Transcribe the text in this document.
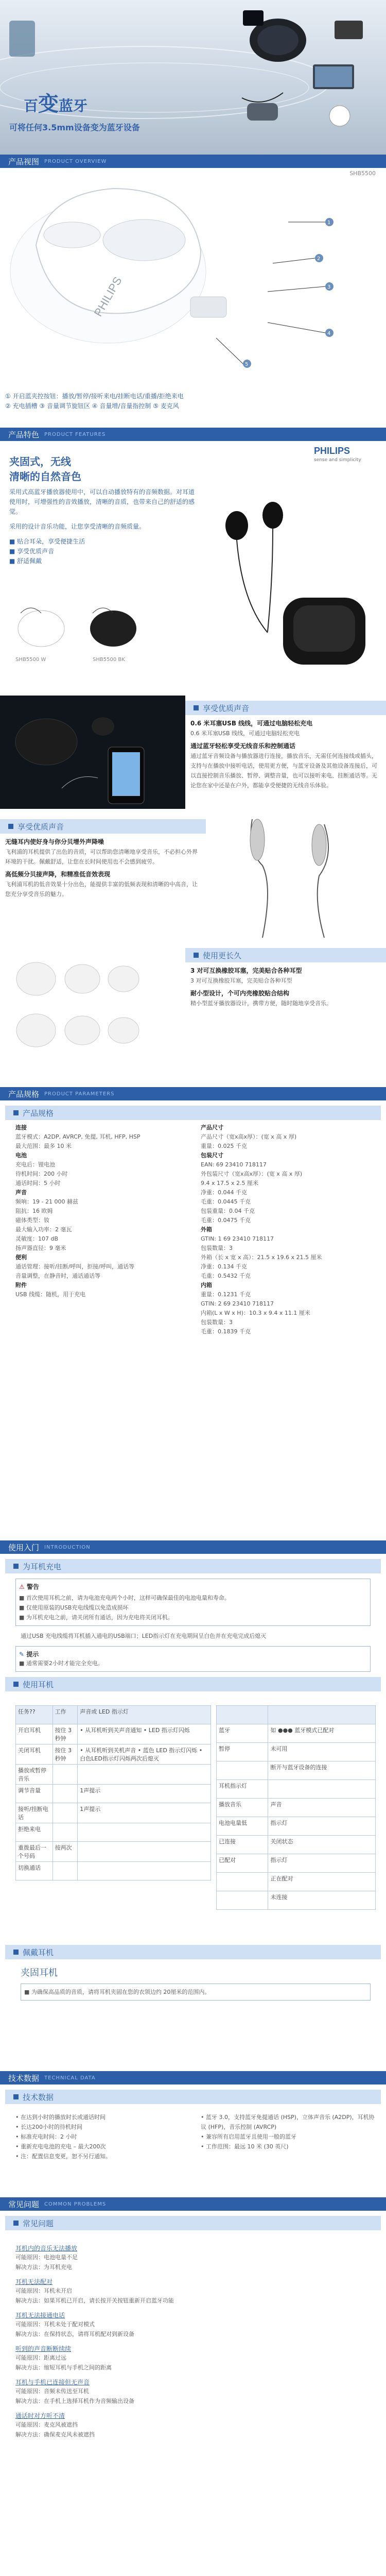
百变蓝牙
可将任何3.5mm设备变为蓝牙设备
产品视图 PRODUCT OVERVIEW
SHB5500
PHILIPS
1
2
3
4
5
① 开启蓝夹控按钮：播放/暂停/接听来电/挂断电话/重播/拒绝来电
② 充电插槽 ③ 音量调节旋钮区 ④ 音量增/音量指控制 ⑤ 麦克风
产品特色 PRODUCT FEATURES
夹固式，无线
清晰的自然音色
采用式高蓝牙播放器使用中，可以自动播放特有的音频数据。对耳道使用时，可增强性的音效播放，清晰的音质，也带来自己的舒适的感觉。
采用的设计音乐功能，让您享受清晰的音频质量。
■ 贴合耳朵，享受便捷生活
■ 享受优质声音
■ 舒适佩戴
SHB5500 W	SHB5500 BK
PHILIPS
sense and simplicity
享受优质声音
0.6 米耳塞USB 线线，可通过电脑轻松充电
0.6 米耳塞USB 线线，可通过电脑轻松充电
通过蓝牙轻松享受无线音乐和控制通话
通过蓝牙音频设备与播放器进行连接，播放音乐，无需任何连接线或插头，支持与在播放中接听电话，使用更方便，与蓝牙设备及其他设备连接后，可以直接控制音乐播放、暂停、调整音量，也可以接听来电、挂断通话等。无论您在家中还是在户外，都能享受便捷的无线音乐体验。
享受优质声音
无缝耳内使好身与你分贝增外声降噪
飞利浦的耳机提供了出色的音质，可以帮助您清晰地享受音乐，不必担心外界环境的干扰。佩戴舒适，让您在长时间使用也不会感到疲劳。
高低频分贝接声降，和精准低音效表现
飞利浦耳机的低音效果十分出色，能提供丰富的低频表现和清晰的中高音，让您充分享受音乐的魅力。
使用更长久
3 对可互换橡胶耳塞，完美贴合各种耳型
3 对可互换橡胶耳塞，完美贴合各种耳型
耐小型设计，个可内壳橡胶贴合结构
精小型蓝牙播放器设计，携带方便，随时随地享受音乐。
产品规格 PRODUCT PARAMETERS
产品规格
连接
蓝牙模式：A2DP, AVRCP, 免提, 耳机, HFP, HSP
最大范围：最多 10 米
电池
充电后：锂电池
待机时间：200 小时
通话时间：5 小时
声音
频响：19 - 21 000 赫兹
阻抗：16 欧姆
磁体类型：钕
最大输入功率：2 毫瓦
灵敏度：107 dB
扬声器直径：9 毫米
便利
通话管理：接听/挂断/呼叫，拒接/呼叫，通话等
音量调整，在静音时，通话通话等
附件
USB 线缆：随机，用于充电
产品尺寸
产品尺寸（宽x高x厚）：(宽 x 高 x 厚)
重量：0.025 千克
包装尺寸
EAN: 69 23410 718117
外包装尺寸（宽x高x厚）：(宽 x 高 x 厚)
9.4 x 17.5 x 2.5 厘米
净重：0.044 千克
毛重：0.0445 千克
包装重量：0.04 千克
毛重：0.0475 千克
外箱
GTIN: 1 69 23410 718117
包装数量：3
外箱（长 x 宽 x 高）：21.5 x 19.6 x 21.5 厘米
净重：0.134 千克
毛重：0.5432 千克
内箱
重量：0.1231 千克
GTIN: 2 69 23410 718117
内箱(L x W x H)：10.3 x 9.4 x 11.1 厘米
包装数量：3
毛重：0.1839 千克
使用入门 INTRODUCTION
为耳机充电
⚠ 警告
■ 首次使用耳机之前，请为电池充电两个小时，这样可确保最佳的电池电量和寿命。
■ 仅使用原装的USB充电线缆以免造成损坏
■ 为耳机充电之前，请关闭所有通话，因为充电将关闭耳机。
通过USB 充电线缆将耳机插入通电的USB端口；LED指示灯在充电期间呈白色并在充电完成后熄灭
✎ 提示
■ 通常需要2小时才能完全充电。
使用耳机
任务??	工作	声音或 LED 指示灯
开启耳机	按住 3 秒钟	• 从耳机听到关声音通知 • LED 指示灯闪烁
关闭耳机	按住 3 秒钟	• 从耳机听到关机声音 • 蓝色 LED 指示灯闪烁 • 白色LED指示灯闪烁两次后熄灭
播放或暂停音乐		
调节音量		1声提示
接听/挂断电话		1声提示
拒绝来电		
重拨最后一个号码	按两次	
切换通话		

蓝牙	如 ●●● 蓝牙模式已配对
暂停	未可用
	断开与蓝牙设备的连接
耳机指示灯	
播放音乐	声音
电池电量低	指示灯
已连接	关闭状态
已配对	指示灯
	正在配对
	未连接
佩戴耳机
夹固耳机
■ 为确保高品质的音质，请将耳机夹固在您的衣领边约 20厘米的范围内。
技术数据 TECHNICAL DATA
技术数据
• 在达到小时的播放时长或通话时间
• 长达200小时的待机时间
• 标准充电时间：2 小时
• 重新充电电池的充电 – 最大200次
• 注：配置信息变更，恕不另行通知。
• 蓝牙 3.0，支持蓝牙免提通话 (HSP)，立体声音乐 (A2DP)，耳机协议 (HFP)，音乐控制 (AVRCP)
• 兼容所有启用蓝牙且使用一般的蓝牙
• 工作范围：最远 10 米 (30 英尺)
常见问题 COMMON PROBLEMS
常见问题
耳机内的音乐无法播放
可能原因：电池电量不足
解决方法：为耳机充电
耳机无法配对
可能原因：耳机未开启
解决方法：如果耳机已开启，请长按开关按钮重新开启蓝牙功能
耳机无法接通电话
可能原因：耳机未处于配对模式
解决方法：在保持状态，请将耳机配对到新设备
听到的声音断断续续
可能原因：距离过远
解决方法：缩短耳机与手机之间的距离
耳机与手机已连接但无声音
可能原因：音频未传送至耳机
解决方法：在手机上选择耳机作为音频输出设备
通话时对方听不清
可能原因：麦克风被遮挡
解决方法：确保麦克风未被遮挡
